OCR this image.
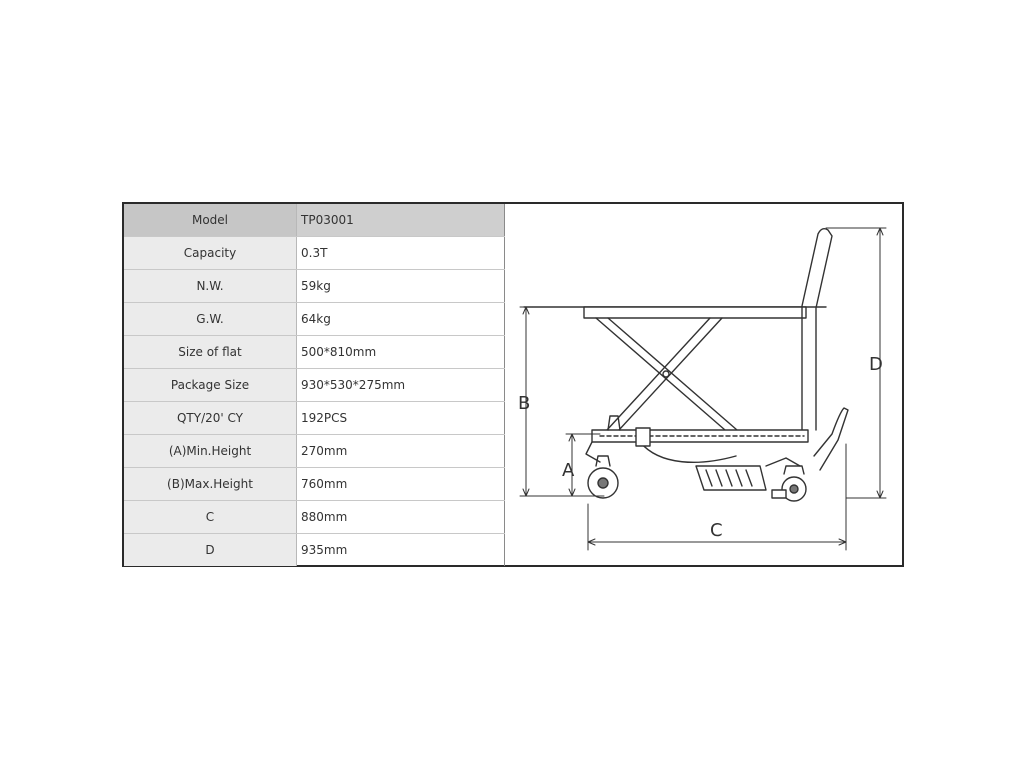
Model	TP03001
Capacity	0.3T
N.W.	59kg
G.W.	64kg
Size of flat	500*810mm
Package Size	930*530*275mm
QTY/20' CY	192PCS
(A)Min.Height	270mm
(B)Max.Height	760mm
C	880mm
D	935mm
B
A
C
D
